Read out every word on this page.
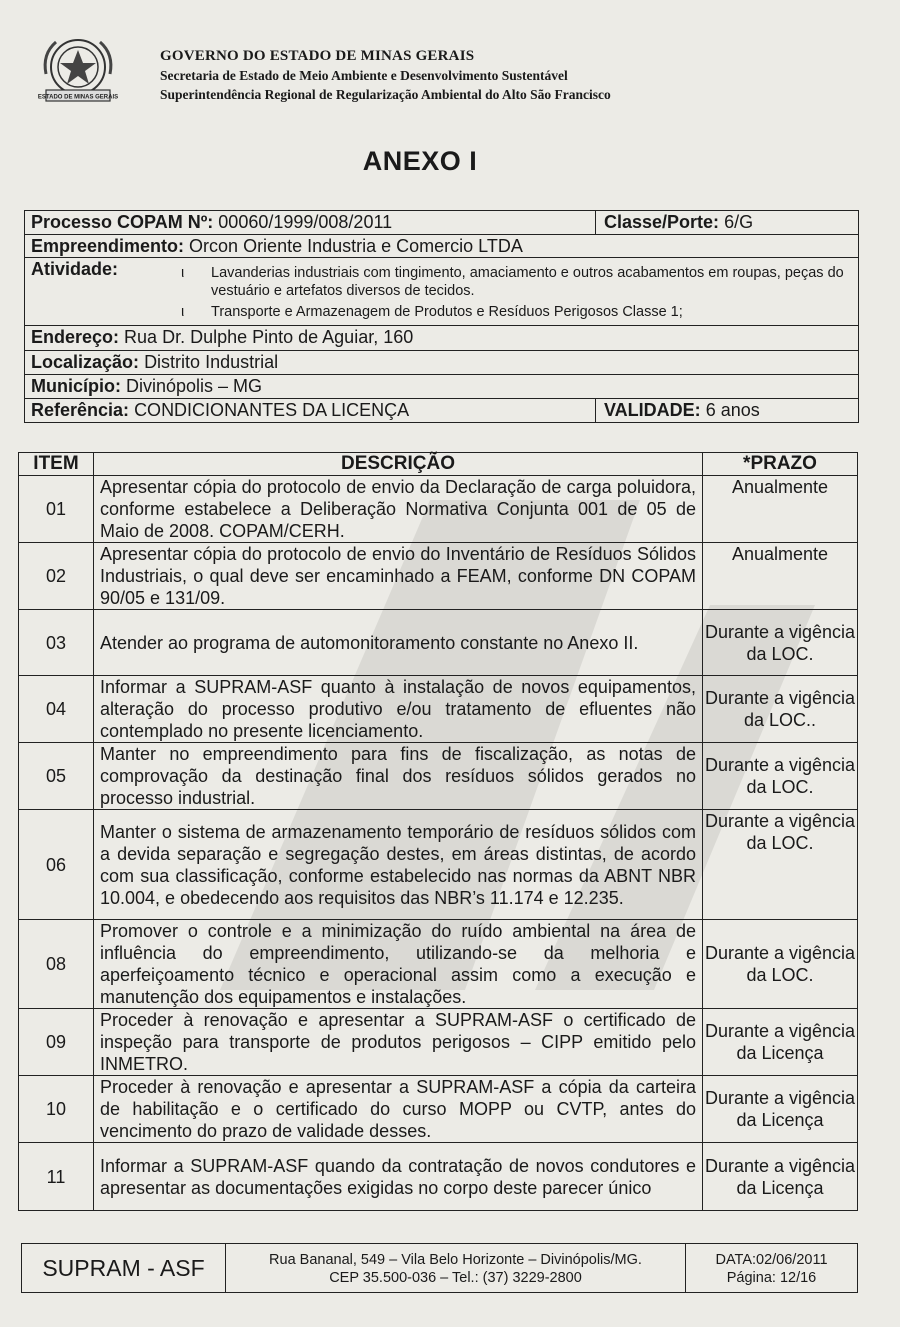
ESTADO DE MINAS GERAIS
GOVERNO DO ESTADO DE MINAS GERAIS
Secretaria de Estado de Meio Ambiente e Desenvolvimento Sustentável
Superintendência Regional de Regularização Ambiental do Alto São Francisco
ANEXO I
Processo COPAM Nº: 00060/1999/008/2011	Classe/Porte: 6/G
Empreendimento: Orcon Oriente Industria e Comercio LTDA
Atividade:	ι Lavanderias industriais com tingimento, amaciamento e outros acabamentos em roupas, peças do vestuário e artefatos diversos de tecidos.
ι Transporte e Armazenagem de Produtos e Resíduos Perigosos Classe 1;
Endereço: Rua Dr. Dulphe Pinto de Aguiar, 160
Localização: Distrito Industrial
Município: Divinópolis – MG
Referência: CONDICIONANTES DA LICENÇA	VALIDADE: 6 anos
ITEM	DESCRIÇÃO	*PRAZO
01	Apresentar cópia do protocolo de envio da Declaração de carga poluidora, conforme estabelece a Deliberação Normativa Conjunta 001 de 05 de Maio de 2008. COPAM/CERH.	Anualmente
02	Apresentar cópia do protocolo de envio do Inventário de Resíduos Sólidos Industriais, o qual deve ser encaminhado a FEAM, conforme DN COPAM 90/05 e 131/09.	Anualmente
03	Atender ao programa de automonitoramento constante no Anexo II.	Durante a vigência da LOC.
04	Informar a SUPRAM-ASF quanto à instalação de novos equipamentos, alteração do processo produtivo e/ou tratamento de efluentes não contemplado no presente licenciamento.	Durante a vigência da LOC..
05	Manter no empreendimento para fins de fiscalização, as notas de comprovação da destinação final dos resíduos sólidos gerados no processo industrial.	Durante a vigência da LOC.
06	Manter o sistema de armazenamento temporário de resíduos sólidos com a devida separação e segregação destes, em áreas distintas, de acordo com sua classificação, conforme estabelecido nas normas da ABNT NBR 10.004, e obedecendo aos requisitos das NBR’s 11.174 e 12.235.	Durante a vigência da LOC.
08	Promover o controle e a minimização do ruído ambiental na área de influência do empreendimento, utilizando-se da melhoria e aperfeiçoamento técnico e operacional assim como a execução e manutenção dos equipamentos e instalações.	Durante a vigência da LOC.
09	Proceder à renovação e apresentar a SUPRAM-ASF o certificado de inspeção para transporte de produtos perigosos – CIPP emitido pelo INMETRO.	Durante a vigência da Licença
10	Proceder à renovação e apresentar a SUPRAM-ASF a cópia da carteira de habilitação e o certificado do curso MOPP ou CVTP, antes do vencimento do prazo de validade desses.	Durante a vigência da Licença
11	Informar a SUPRAM-ASF quando da contratação de novos condutores e apresentar as documentações exigidas no corpo deste parecer único	Durante a vigência da Licença
SUPRAM - ASF	Rua Bananal, 549 – Vila Belo Horizonte – Divinópolis/MG.
CEP 35.500-036 – Tel.: (37) 3229-2800
DATA:02/06/2011
Página: 12/16
